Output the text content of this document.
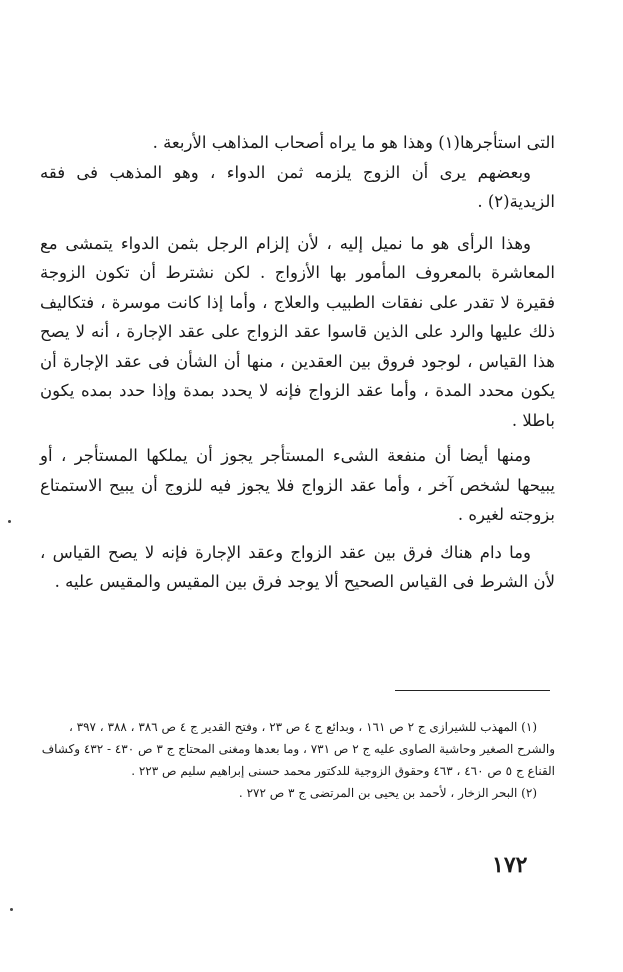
التى استأجرها(١) وهذا هو ما يراه أصحاب المذاهب الأربعة .

وبعضهم يرى أن الزوج يلزمه ثمن الدواء ، وهو المذهب فى فقه الزيدية(٢) .

وهذا الرأى هو ما نميل إليه ، لأن إلزام الرجل بثمن الدواء يتمشى مع المعاشرة بالمعروف المأمور بها الأزواج . لكن نشترط أن تكون الزوجة فقيرة لا تقدر على نفقات الطبيب والعلاج ، وأما إذا كانت موسرة ، فتكاليف ذلك عليها والرد على الذين قاسوا عقد الزواج على عقد الإجارة ، أنه لا يصح هذا القياس ، لوجود فروق بين العقدين ، منها أن الشأن فى عقد الإجارة أن يكون محدد المدة ، وأما عقد الزواج فإنه لا يحدد بمدة وإذا حدد بمده يكون باطلا .

ومنها أيضا أن منفعة الشىء المستأجر يجوز أن يملكها المستأجر ، أو يبيحها لشخص آخر ، وأما عقد الزواج فلا يجوز فيه للزوج أن يبيح الاستمتاع بزوجته لغيره .

وما دام هناك فرق بين عقد الزواج وعقد الإجارة فإنه لا يصح القياس ، لأن الشرط فى القياس الصحيح ألا يوجد فرق بين المقيس والمقيس عليه .

(١) المهذب للشيرازى ج ٢ ص ١٦١ ، وبدائع ج ٤ ص ٢٣ ، وفتح القدير ج ٤ ص ٣٨٦ ، ٣٨٨ ، ٣٩٧ ، والشرح الصغير وحاشية الصاوى عليه ج ٢ ص ٧٣١ ، وما بعدها ومغنى المحتاج ج ٣ ص ٤٣٠ - ٤٣٢ وكشاف القناع ج ٥ ص ٤٦٠ ، ٤٦٣ وحقوق الزوجية للدكتور محمد حسنى إبراهيم سليم ص ٢٢٣ .

(٢) البحر الزخار ، لأحمد بن يحيى بن المرتضى ج ٣ ص ٢٧٢ .

١٧٢
